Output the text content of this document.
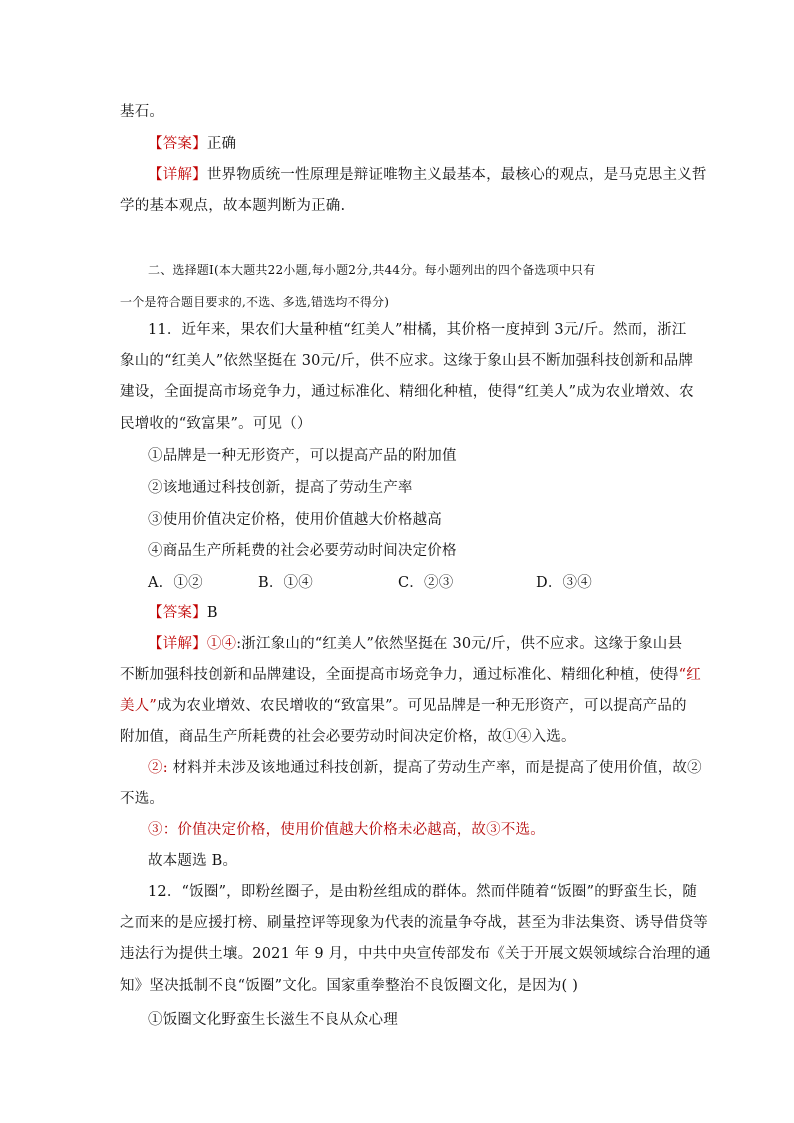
基石。
【答案】正确
【详解】世界物质统一性原理是辩证唯物主义最基本，最核心的观点，是马克思主义哲
学的基本观点，故本题判断为正确.
二、选择题Ⅰ(本大题共22小题,每小题2分,共44分。每小题列出的四个备选项中只有
一个是符合题目要求的,不选、多选,错选均不得分)
11．近年来，果农们大量种植“红美人”柑橘，其价格一度掉到 3元/斤。然而，浙江
象山的“红美人”依然坚挺在 30元/斤，供不应求。这缘于象山县不断加强科技创新和品牌
建设，全面提高市场竞争力，通过标准化、精细化种植，使得“红美人”成为农业增效、农
民增收的“致富果”。可见（）
①品牌是一种无形资产，可以提高产品的附加值
②该地通过科技创新，提高了劳动生产率
③使用价值决定价格，使用价值越大价格越高
④商品生产所耗费的社会必要劳动时间决定价格
A．①②	B．①④	C．②③	D．③④
【答案】B
【详解】①④:浙江象山的“红美人”依然坚挺在 30元/斤，供不应求。这缘于象山县
不断加强科技创新和品牌建设，全面提高市场竞争力，通过标准化、精细化种植，使得“红
美人”成为农业增效、农民增收的“致富果”。可见品牌是一种无形资产，可以提高产品的
附加值，商品生产所耗费的社会必要劳动时间决定价格，故①④入选。
②: 材料并未涉及该地通过科技创新，提高了劳动生产率，而是提高了使用价值，故②
不选。
③：价值决定价格，使用价值越大价格未必越高，故③不选。
故本题选 B。
12．“饭圈”，即粉丝圈子，是由粉丝组成的群体。然而伴随着“饭圈”的野蛮生长，随
之而来的是应援打榜、刷量控评等现象为代表的流量争夺战，甚至为非法集资、诱导借贷等
违法行为提供土壤。2021 年 9 月，中共中央宣传部发布《关于开展文娱领域综合治理的通
知》坚决抵制不良“饭圈”文化。国家重拳整治不良饭圈文化，是因为( )
①饭圈文化野蛮生长滋生不良从众心理
